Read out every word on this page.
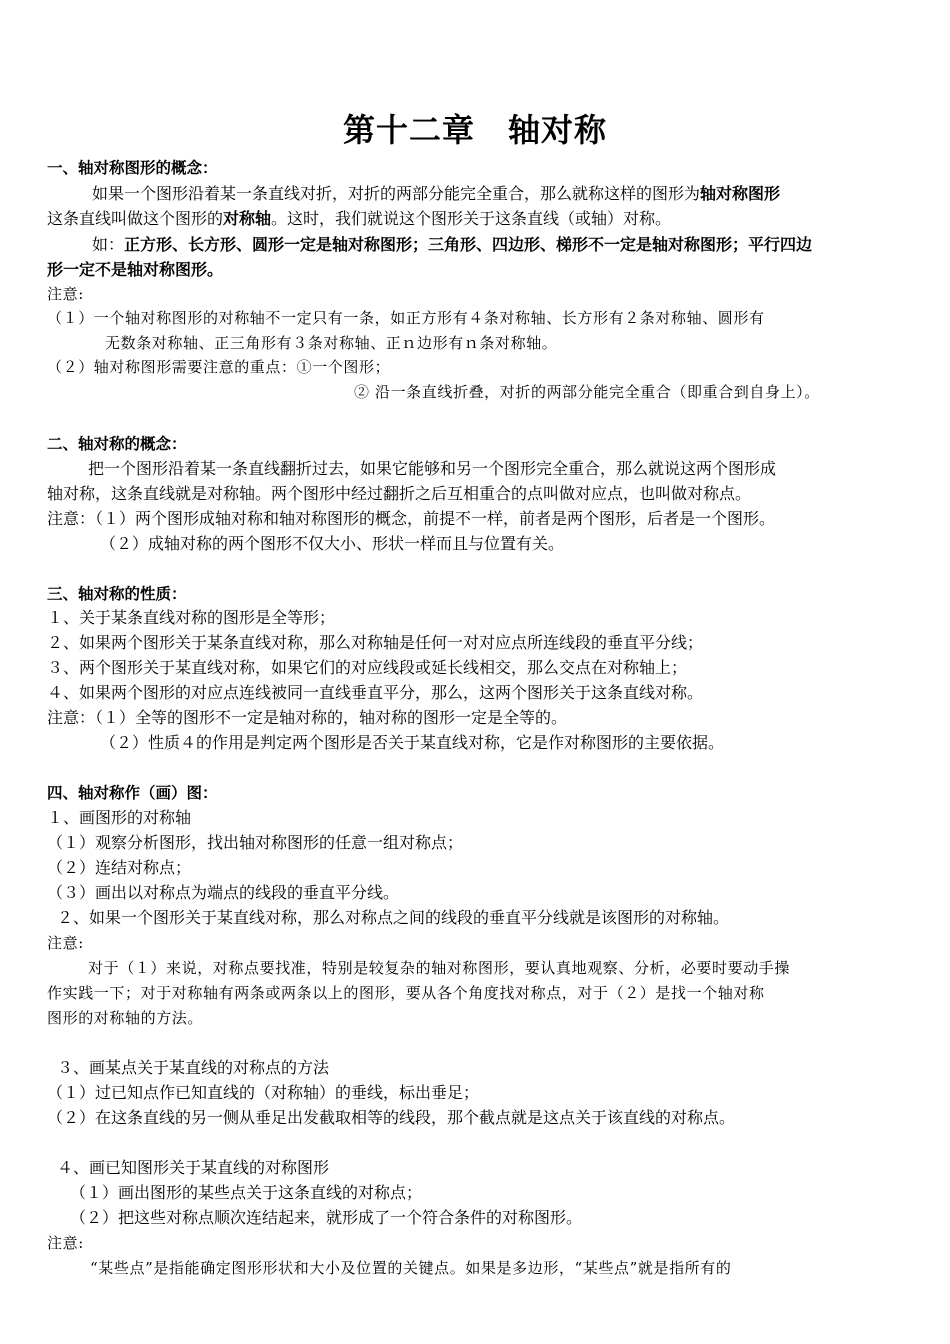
第十二章　轴对称
一、轴对称图形的概念：
如果一个图形沿着某一条直线对折，对折的两部分能完全重合，那么就称这样的图形为轴对称图形
这条直线叫做这个图形的对称轴。这时，我们就说这个图形关于这条直线（或轴）对称。
如：正方形、长方形、圆形一定是轴对称图形；三角形、四边形、梯形不一定是轴对称图形；平行四边
形一定不是轴对称图形。
注意:
（１）一个轴对称图形的对称轴不一定只有一条，如正方形有４条对称轴、长方形有２条对称轴、圆形有
无数条对称轴、正三角形有３条对称轴、正ｎ边形有ｎ条对称轴。
（２）轴对称图形需要注意的重点：①一个图形；
② 沿一条直线折叠，对折的两部分能完全重合（即重合到自身上）。
二、轴对称的概念：
把一个图形沿着某一条直线翻折过去，如果它能够和另一个图形完全重合，那么就说这两个图形成
轴对称，这条直线就是对称轴。两个图形中经过翻折之后互相重合的点叫做对应点，也叫做对称点。
注意：（１）两个图形成轴对称和轴对称图形的概念，前提不一样，前者是两个图形，后者是一个图形。
（２）成轴对称的两个图形不仅大小、形状一样而且与位置有关。
三、轴对称的性质：
１、关于某条直线对称的图形是全等形；
２、如果两个图形关于某条直线对称，那么对称轴是任何一对对应点所连线段的垂直平分线；
３、两个图形关于某直线对称，如果它们的对应线段或延长线相交，那么交点在对称轴上；
４、如果两个图形的对应点连线被同一直线垂直平分，那么，这两个图形关于这条直线对称。
注意：（１）全等的图形不一定是轴对称的，轴对称的图形一定是全等的。
（２）性质４的作用是判定两个图形是否关于某直线对称，它是作对称图形的主要依据。
四、轴对称作（画）图：
１、画图形的对称轴
（１）观察分析图形，找出轴对称图形的任意一组对称点；
（２）连结对称点；
（３）画出以对称点为端点的线段的垂直平分线。
２、如果一个图形关于某直线对称，那么对称点之间的线段的垂直平分线就是该图形的对称轴。
注意:
对于（１）来说，对称点要找准，特别是较复杂的轴对称图形，要认真地观察、分析，必要时要动手操
作实践一下；对于对称轴有两条或两条以上的图形，要从各个角度找对称点，对于（２）是找一个轴对称
图形的对称轴的方法。
３、画某点关于某直线的对称点的方法
（１）过已知点作已知直线的（对称轴）的垂线，标出垂足；
（２）在这条直线的另一侧从垂足出发截取相等的线段，那个截点就是这点关于该直线的对称点。
４、画已知图形关于某直线的对称图形
（１）画出图形的某些点关于这条直线的对称点；
（２）把这些对称点顺次连结起来，就形成了一个符合条件的对称图形。
注意:
“某些点”是指能确定图形形状和大小及位置的关键点。如果是多边形，“某些点”就是指所有的
